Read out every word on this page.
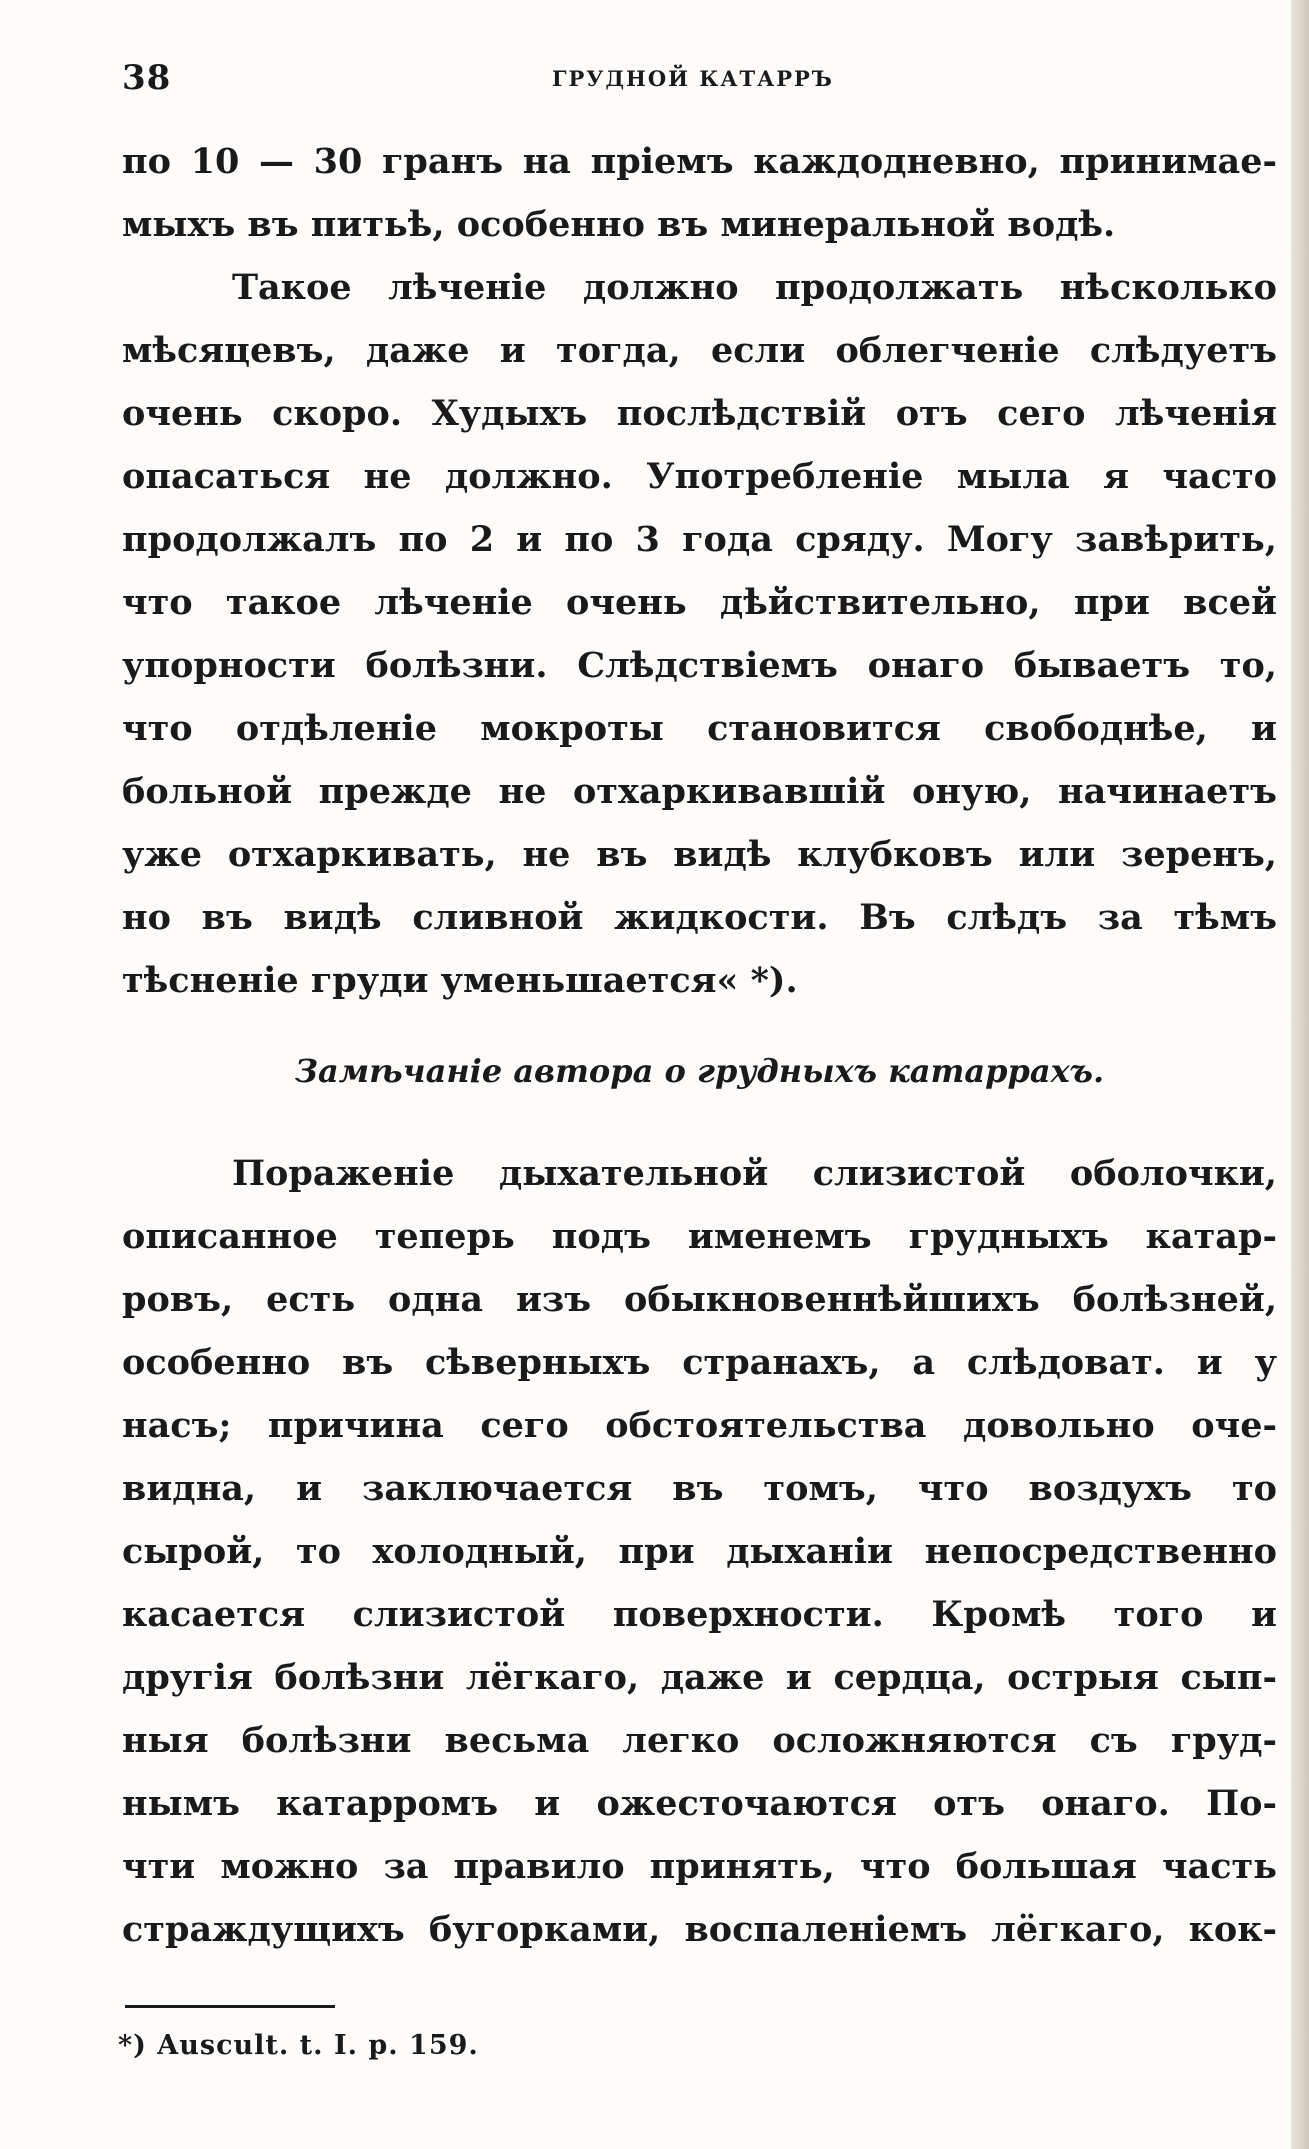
38	ГРУДНОЙ КАТАРРЪ
по 10 — 30 гранъ на прiемъ каждодневно, принимае-
мыхъ въ питьѣ, особенно въ минеральной водѣ.
Такое лѣченiе должно продолжать нѣсколько
мѣсяцевъ, даже и тогда, если облегченiе слѣдуетъ
очень скоро. Худыхъ послѣдствiй отъ сего лѣченiя
опасаться не должно. Употребленiе мыла я часто
продолжалъ по 2 и по 3 года сряду. Могу завѣрить,
что такое лѣченiе очень дѣйствительно, при всей
упорности болѣзни. Слѣдствiемъ онаго бываетъ то,
что отдѣленiе мокроты становится свободнѣе, и
больной прежде не отхаркивавшiй оную, начинаетъ
уже отхаркивать, не въ видѣ клубковъ или зеренъ,
но въ видѣ сливной жидкости. Въ слѣдъ за тѣмъ
тѣсненiе груди уменьшается« *).
Замѣчанiе автора о грудныхъ катаррахъ.
Пораженiе дыхательной слизистой оболочки,
описанное теперь подъ именемъ грудныхъ катар-
ровъ, есть одна изъ обыкновеннѣйшихъ болѣзней,
особенно въ сѣверныхъ странахъ, а слѣдоват. и у
насъ; причина сего обстоятельства довольно оче-
видна, и заключается въ томъ, что воздухъ то
сырой, то холодный, при дыханiи непосредственно
касается слизистой поверхности. Кромѣ того и
другiя болѣзни лёгкаго, даже и сердца, острыя сып-
ныя болѣзни весьма легко осложняются съ груд-
нымъ катарромъ и ожесточаются отъ онаго. По-
чти можно за правило принять, что большая часть
страждущихъ бугорками, воспаленiемъ лёгкаго, кок-
*) Auscult. t. I. p. 159.
